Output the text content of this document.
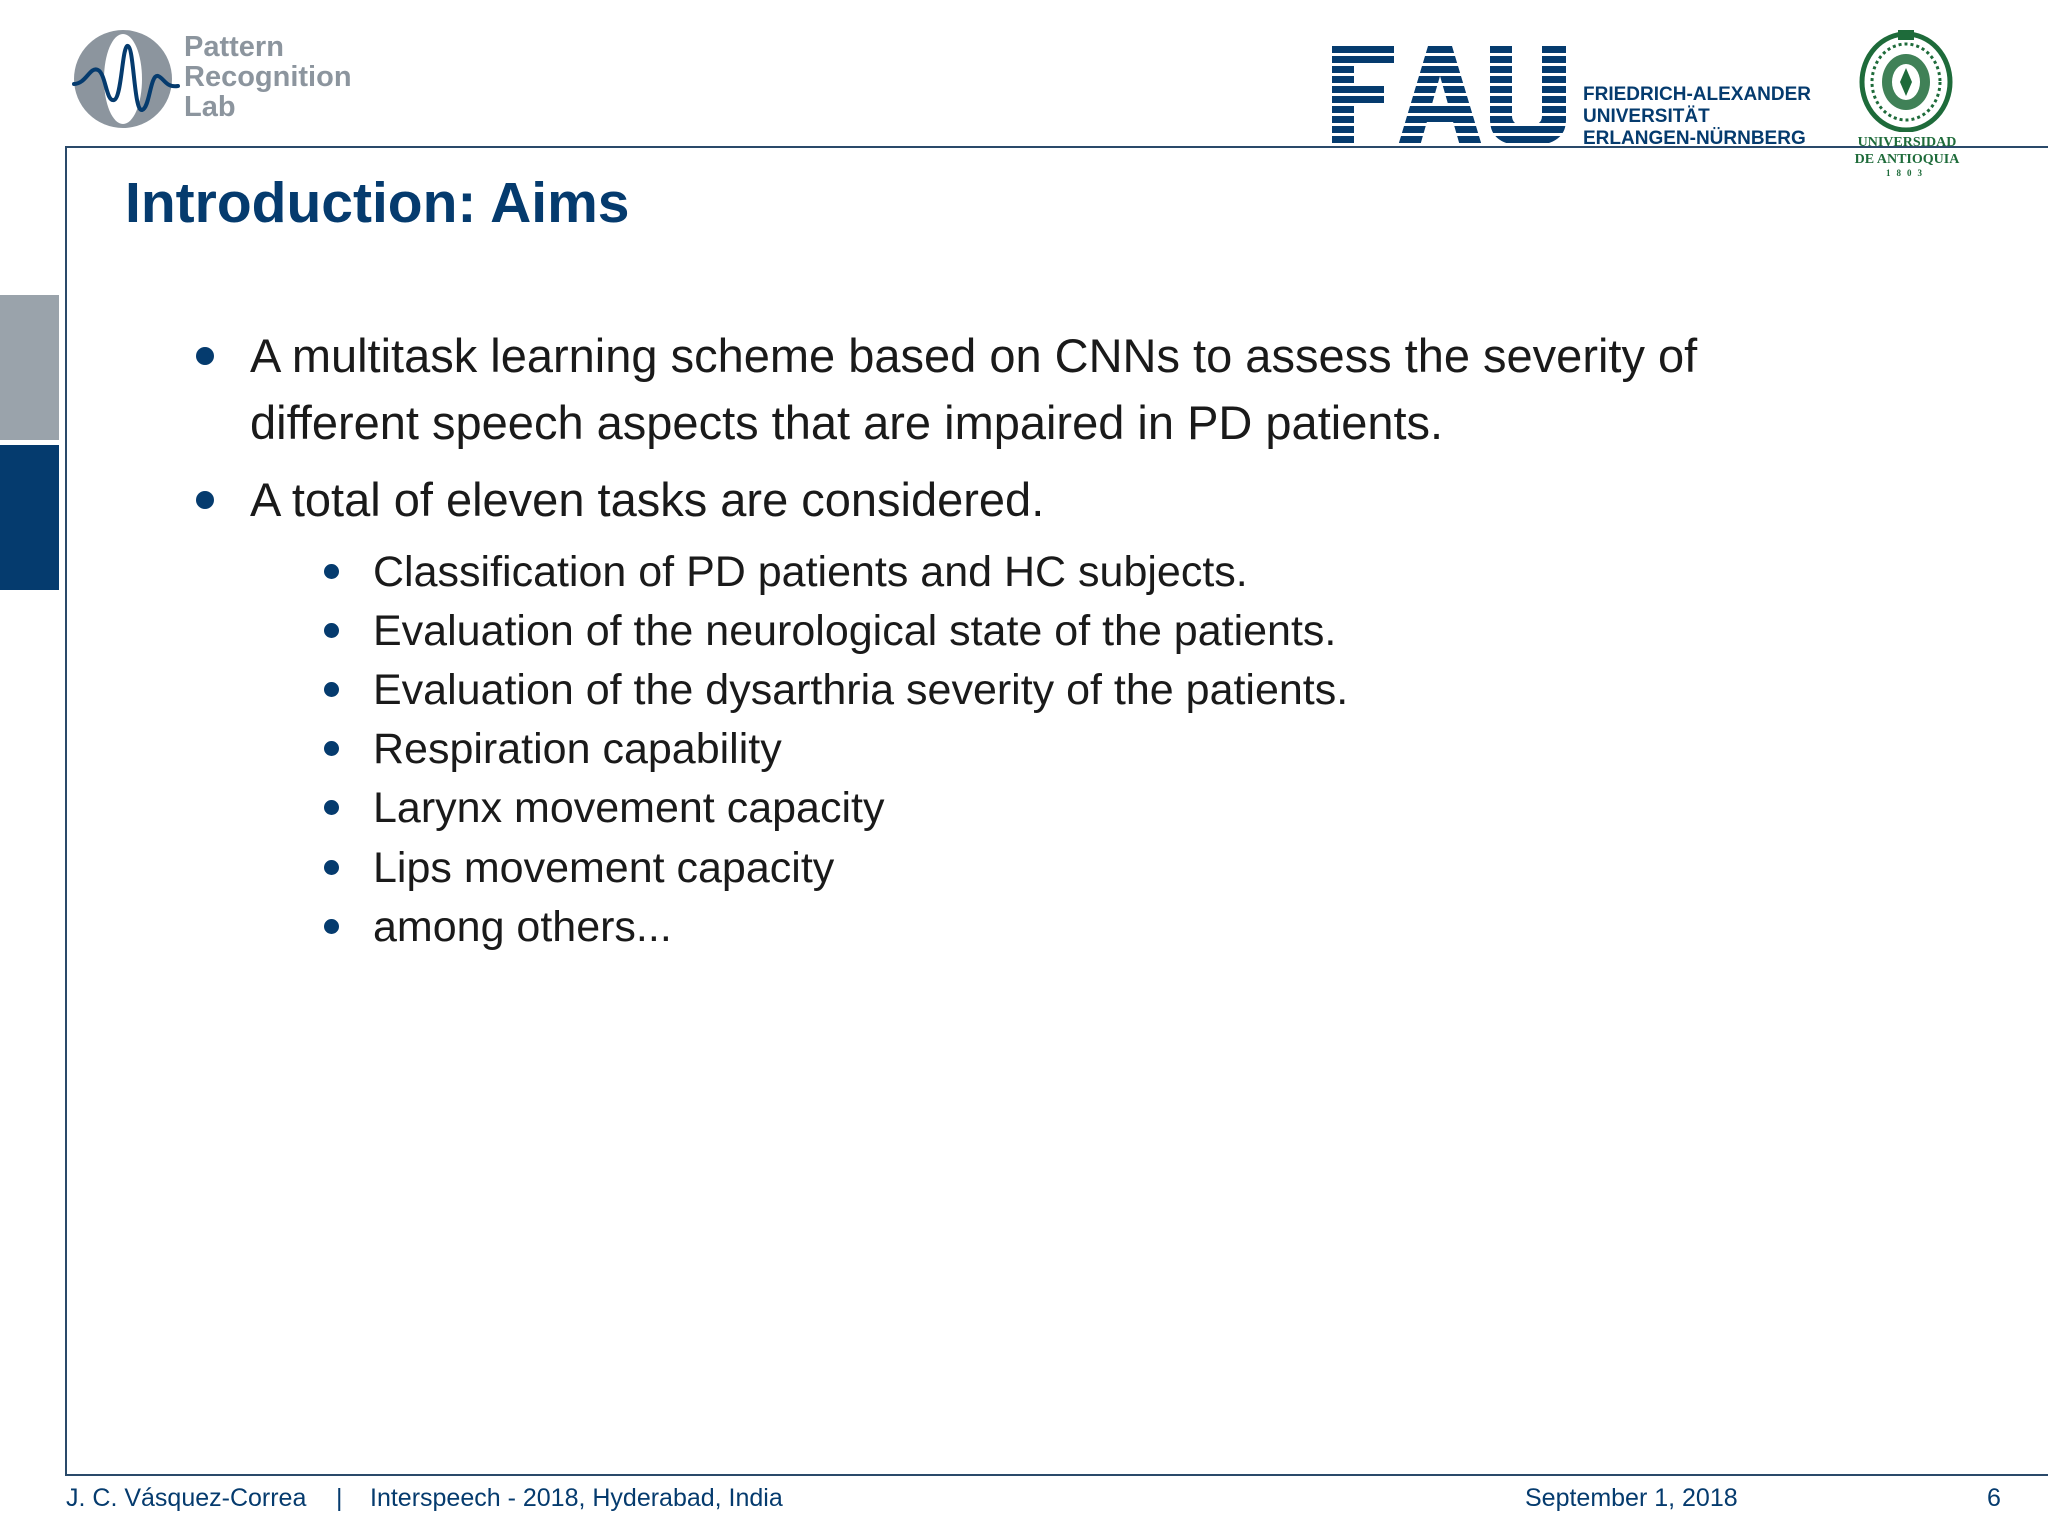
Pattern
Recognition
Lab	FRIEDRICH-ALEXANDER
UNIVERSITÄT
ERLANGEN-NÜRNBERG	UNIVERSIDAD
DE ANTIOQUIA
1803
Introduction: Aims
A multitask learning scheme based on CNNs to assess the severity of different speech aspects that are impaired in PD patients.
A total of eleven tasks are considered.
Classification of PD patients and HC subjects.
Evaluation of the neurological state of the patients.
Evaluation of the dysarthria severity of the patients.
Respiration capability
Larynx movement capacity
Lips movement capacity
among others...
J. C. Vásquez-Correa | Interspeech - 2018, Hyderabad, India	September 1, 2018	6
